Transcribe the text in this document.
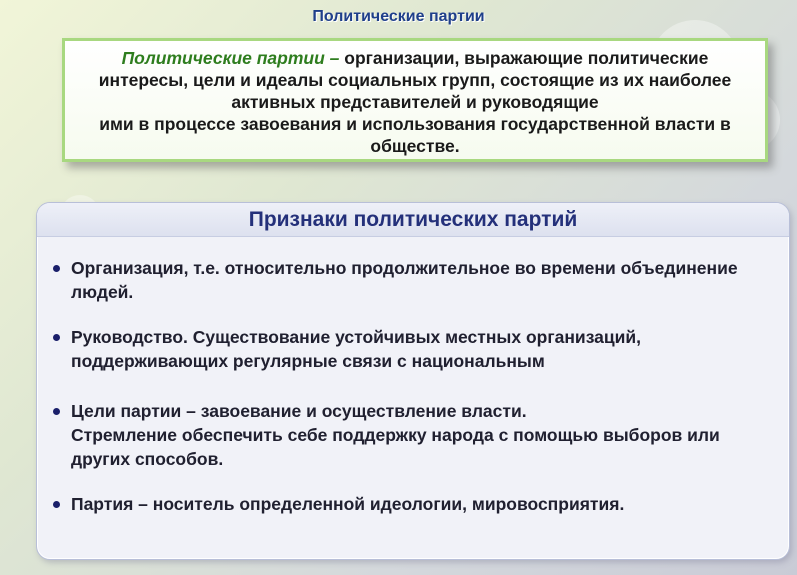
Политические партии
Политические партии – организации, выражающие политические
интересы, цели и идеалы социальных групп, состоящие из их наиболее
активных представителей и руководящие
ими в процессе завоевания и использования государственной власти в
обществе.
Признаки политических партий
Организация, т.е. относительно продолжительное во времени объединение
людей.
Руководство. Существование устойчивых местных организаций,
поддерживающих регулярные связи с национальным
Цели партии – завоевание и осуществление власти.
Стремление обеспечить себе поддержку народа с помощью выборов или
других способов.
Партия – носитель определенной идеологии, мировосприятия.
